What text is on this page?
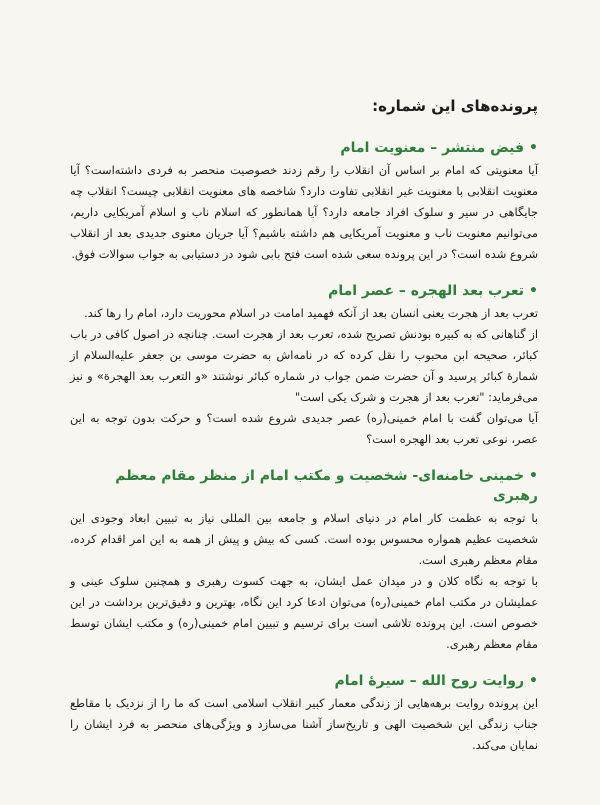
پرونده‌های این شماره:
•فیض منتشر – معنویت امام

آیا معنویتی که امام بر اساس آن انقلاب را رقم زدند خصوصیت منحصر به فردی داشته‌است؟ آیا معنویت انقلابی با معنویت غیر انقلابی تفاوت دارد؟ شاخصه های معنویت انقلابی چیست؟ انقلاب چه جایگاهی در سیر و سلوک افراد جامعه دارد؟ آیا همانطور که اسلام ناب و اسلام آمریکایی داریم، می‌توانیم معنویت ناب و معنویت آمریکایی هم داشته باشیم؟ آیا جریان معنوی جدیدی بعد از انقلاب شروع شده است؟ در این پرونده سعی شده است فتح بابی شود در دستیابی به جواب سوالات فوق.

•تعرب بعد الهجره – عصر امام

تعرب بعد از هجرت یعنی انسان بعد از آنکه فهمید امامت در اسلام محوریت دارد، امام را رها کند.

از گناهانی که به کبیره بودنش تصریح شده، تعرب بعد از هجرت است. چنانچه در اصول کافی در باب کبائر، صحیحه ابن محبوب را نقل کرده که در نامه‌اش به حضرت موسی بن جعفر علیه‌السلام از شمارهٔ کبائر پرسید و آن حضرت ضمن جواب در شماره کبائر نوشتند «و التعرب بعد الهجرة» و نیز می‌فرماید: "تعرب بعد از هجرت و شرک یکی است"

آیا می‌توان گفت با امام خمینی(ره) عصر جدیدی شروع شده است؟ و حرکت بدون توجه به این عصر، نوعی تعرب بعد الهجره است؟

•خمینی خامنه‌ای- شخصیت و مکتب امام از منظر مقام معظم رهبری

با توجه به عظمت کار امام در دنیای اسلام و جامعه بین المللی نیاز به تبیین ابعاد وجودی این شخصیت عظیم همواره محسوس بوده است. کسی که بیش و پیش از همه به این امر اقدام کرده، مقام معظم رهبری است.

با توجه به نگاه کلان و در میدان عمل ایشان، به جهت کسوت رهبری و همچنین سلوک عینی و عملیشان در مکتب امام خمینی(ره) می‌توان ادعا کرد این نگاه، بهترین و دقیق‌ترین برداشت در این خصوص است. این پرونده تلاشی است برای ترسیم و تبیین امام خمینی(ره) و مکتب ایشان توسط مقام معظم رهبری.

•روایت روح الله – سیرهٔ امام

این پرونده روایت برهه‌هایی از زندگی معمار کبیر انقلاب اسلامی است که ما را از نزدیک با مقاطع جناب زندگی این شخصیت الهی و تاریخ‌ساز آشنا می‌سازد و ویژگی‌های منحصر به فرد ایشان را نمایان می‌کند.
